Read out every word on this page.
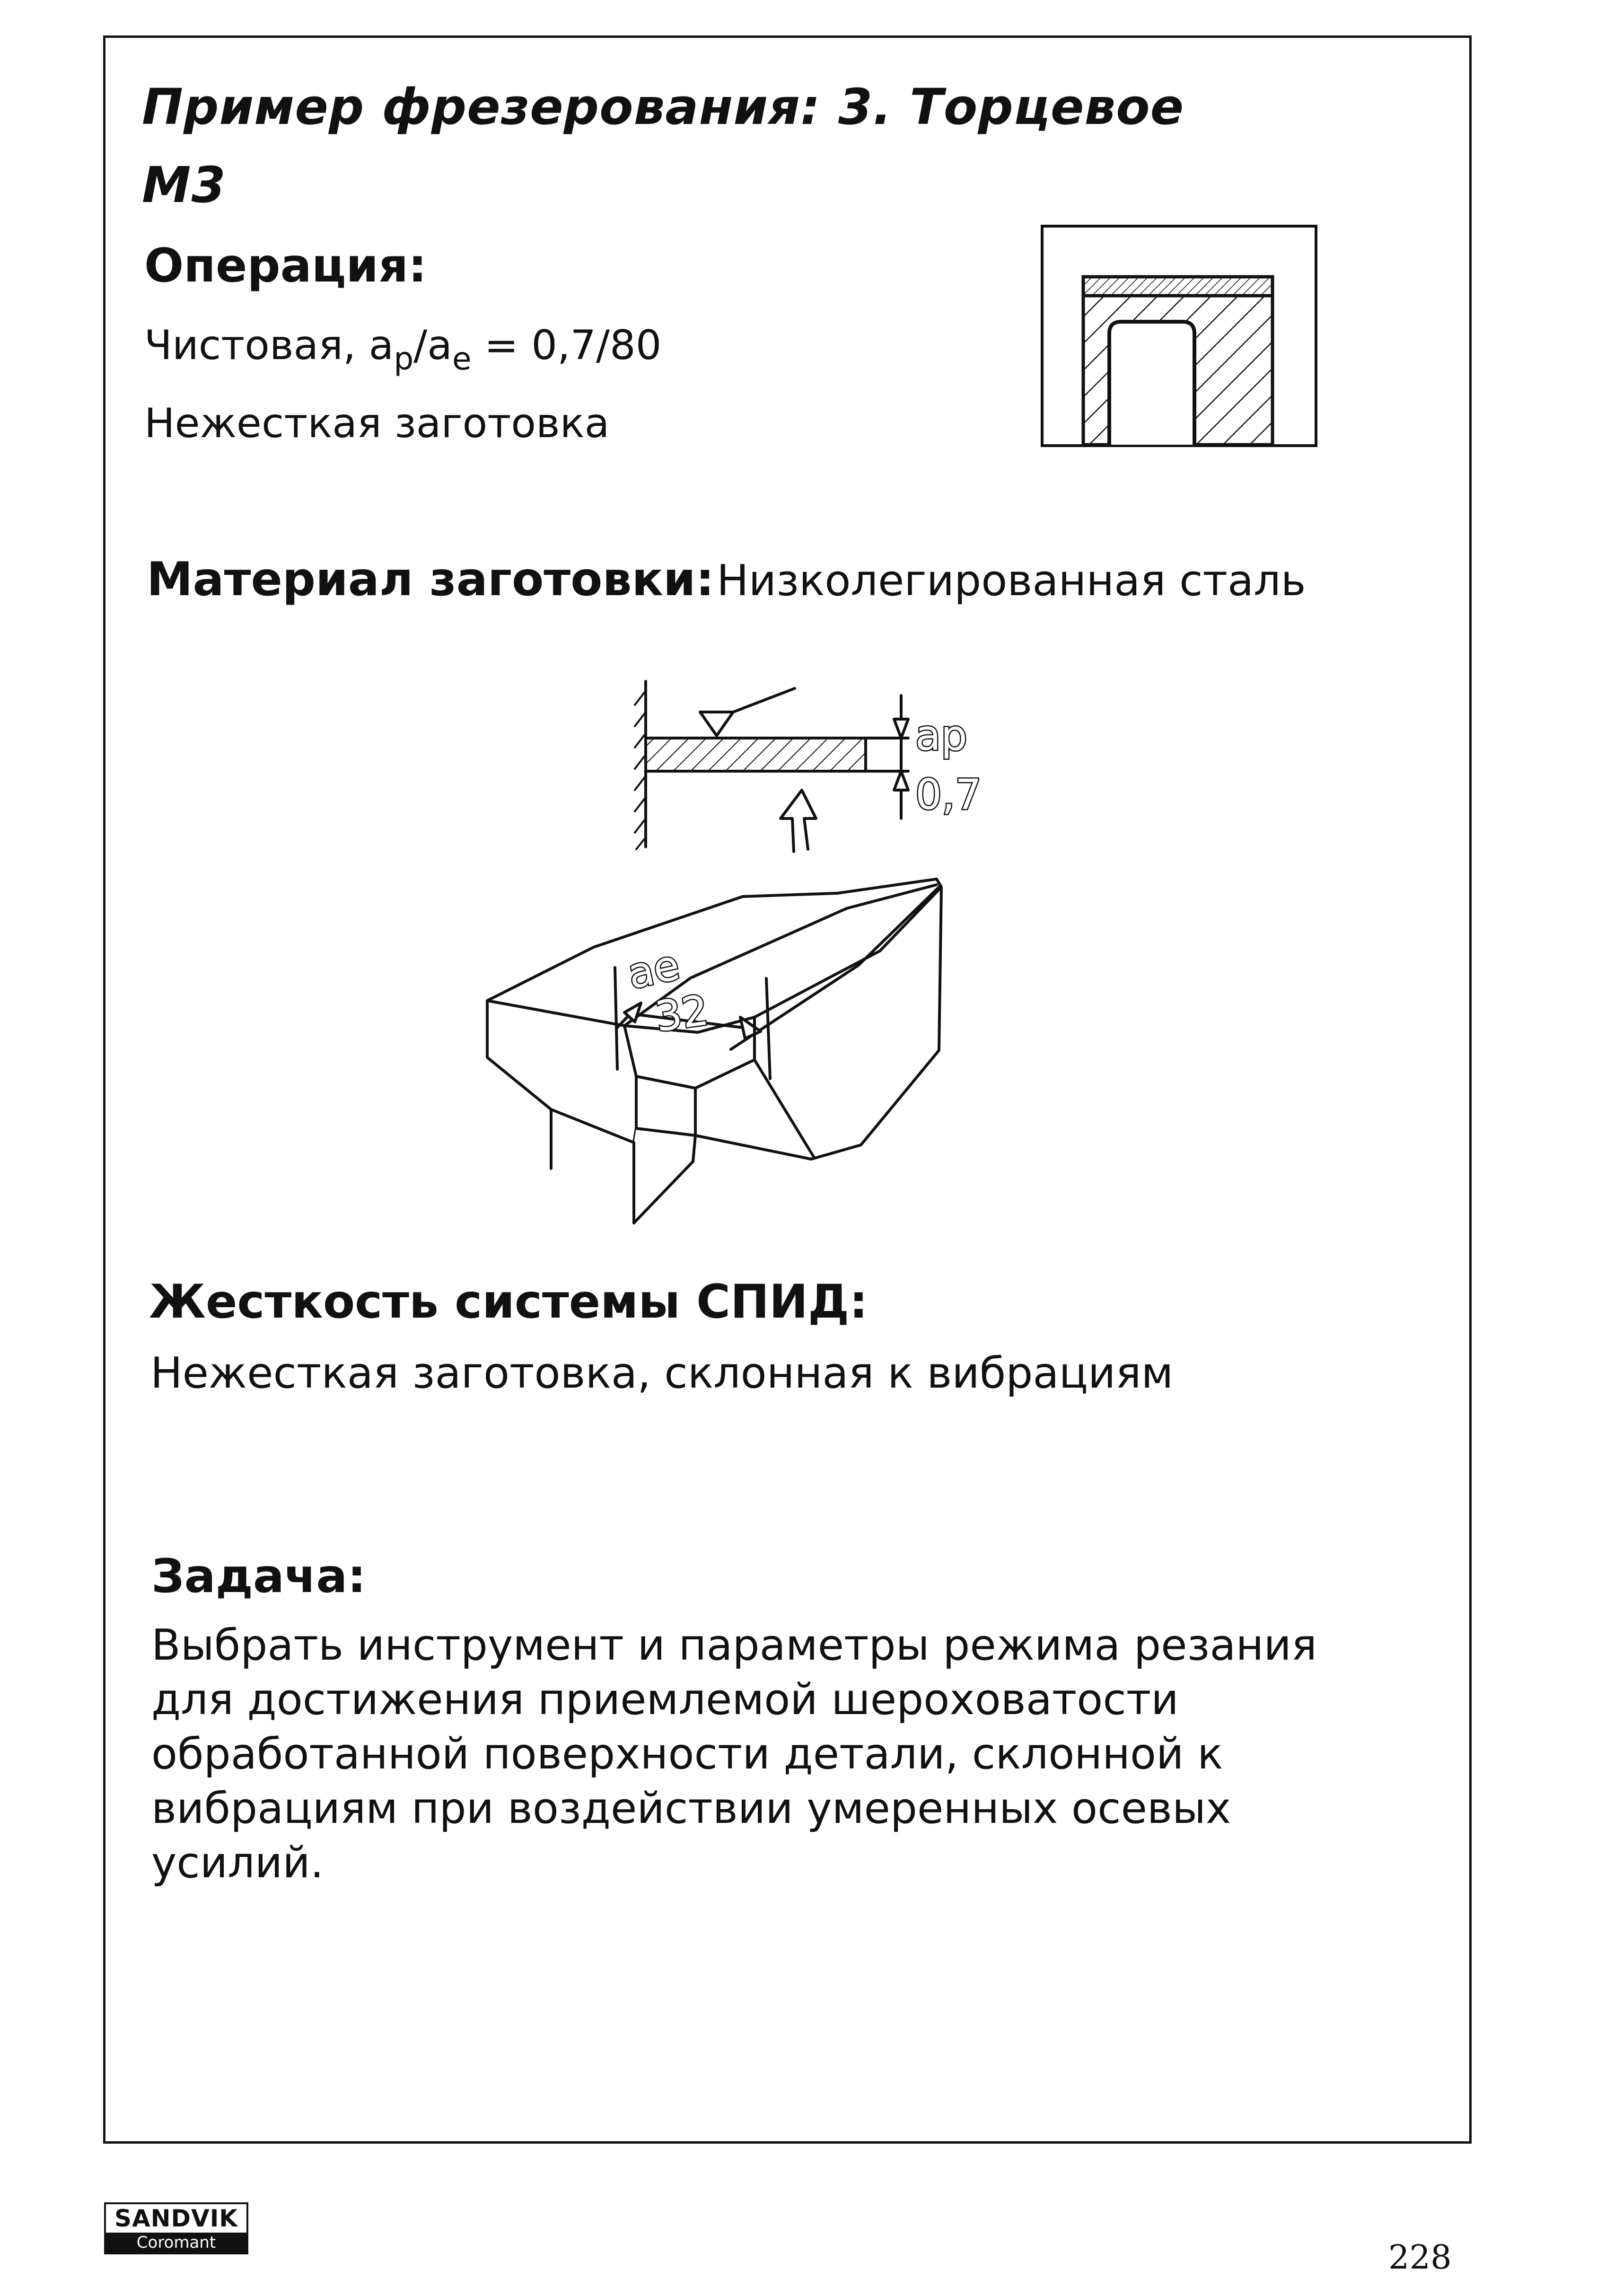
Пример фрезерования: 3. Торцевое
М3
Операция:
Чистовая, $a_p/a_e = 0,7/80$
Нежесткая заготовка
Материал заготовки: Низколегированная сталь
ap
0,7
ae
32
Жесткость системы СПИД:
Нежесткая заготовка, склонная к вибрациям
Задача:
Выбрать инструмент и параметры режима резания для достижения приемлемой шероховатости обработанной поверхности детали, склонной к вибрациям при воздействии умеренных осевых усилий.
SANDVIK
Coromant	228
